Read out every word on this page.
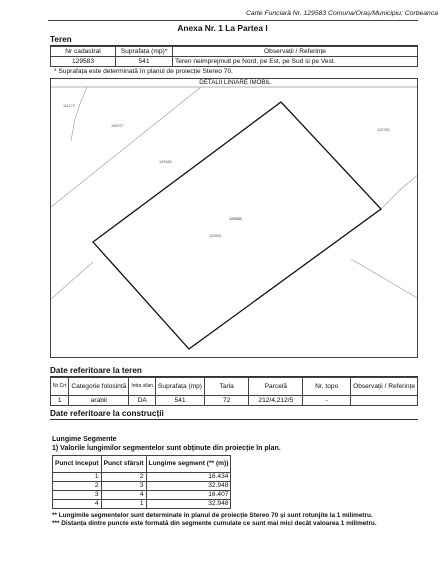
Carte Funciară Nr. 129583 Comuna/Oraș/Municipiu: Corbeanca
Anexa Nr. 1 La Partea I
Teren
Nr cadastral	Suprafața (mp)*	Observații / Referințe
129583	541	Teren neimprejmuit pe Nord, pe Est, pe Sud si pe Vest.
* Suprafața este determinată în planul de proiecție Stereo 70.
DETALII LINIARE IMOBIL
111172
105077
129483
129583
120561
123783
Date referitoare la teren
Nr Crt	Categorie folosință	Intra vilan	Suprafața (mp)	Tarla	Parcelă	Nr. topo	Observații / Referințe
1	arabil	DA	541	72	212/4,212/5	-	
Date referitoare la construcții
Lungime Segmente
1) Valorile lungimilor segmentelor sunt obținute din proiecție în plan.
Punct început	Punct sfârșit	Lungime segment (** (m))
1	2	16.434
2	3	32.948
3	4	16.407
4	1	32.948
** Lungimile segmentelor sunt determinate în planul de proiecție Stereo 70 și sunt rotunjite la 1 milimetru.
*** Distanța dintre puncte este formată din segmente cumulate ce sunt mai mici decât valoarea 1 milimetru.
